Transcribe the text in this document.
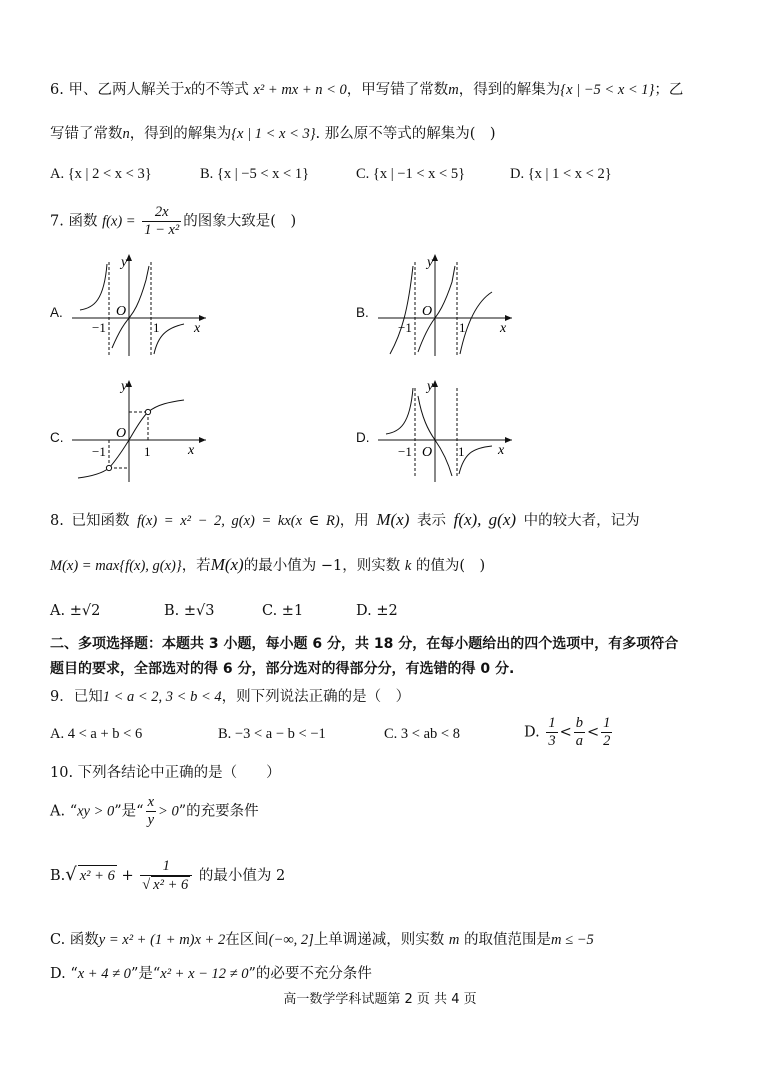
6. 甲、乙两人解关于x的不等式 x² + mx + n < 0，甲写错了常数m，得到的解集为{x | −5 < x < 1}；乙
写错了常数n，得到的解集为{x | 1 < x < 3}. 那么原不等式的解集为(　)
A. {x | 2 < x < 3}	B. {x | −5 < x < 1}	C. {x | −1 < x < 5}	D. {x | 1 < x < 2}
7. 函数 $f(x) = \frac{2x}{\text{1 − x²}}$ 的图象大致是(　)
A.	B.
C.	D.
y
x
O
−1	1
y
x
O
−1	1
y
x
O
−1	1
y
x
O
−1	1
8. 已知函数 f(x) = x² − 2, g(x) = kx(x ∈ R)，用 M(x) 表示 f(x), g(x) 中的较大者，记为
M(x) = max{f(x), g(x)}，若M(x)的最小值为 −1，则实数 k 的值为(　)
A. ±√2	B. ±√3	C. ±1	D. ±2
二、多项选择题：本题共 3 小题，每小题 6 分，共 18 分，在每小题给出的四个选项中，有多项符合
题目的要求，全部选对的得 6 分，部分选对的得部分分，有选错的得 0 分.
9．已知1 < a < 2, 3 < b < 4，则下列说法正确的是（　）
A. 4 < a + b < 6	B. −3 < a − b < −1	C. 3 < ab < 8	D. $\frac{1}{3} < \frac{b}{a} < \frac{1}{2}$
10. 下列各结论中正确的是（　　）
A. “xy > 0”是“ $\frac{x}{y} > 0$”的充要条件
B.√ $x^2 + 6 + \frac{1}{\text{√ x² + 6}}$ 的最小值为 2
C. 函数y = x² + (1 + m)x + 2在区间(−∞, 2]上单调递减，则实数 m 的取值范围是m ≤ −5
D. “x + 4 ≠ 0”是“x² + x − 12 ≠ 0”的必要不充分条件
高一数学学科试题第 2 页 共 4 页
